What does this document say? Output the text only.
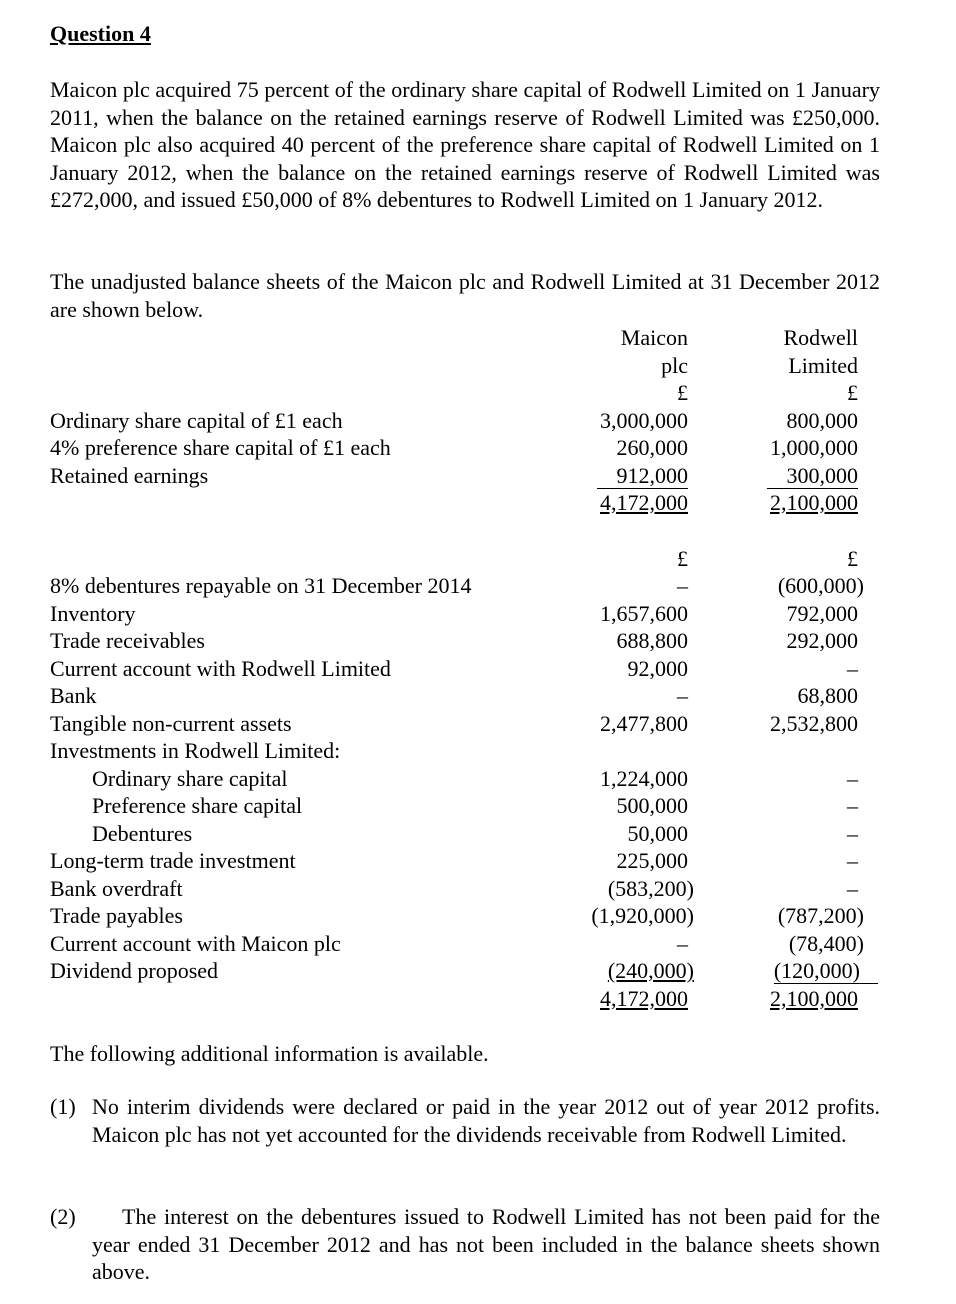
Question 4

Maicon plc acquired 75 percent of the ordinary share capital of Rodwell Limited on 1 January 2011, when the balance on the retained earnings reserve of Rodwell Limited was £250,000. Maicon plc also acquired 40 percent of the preference share capital of Rodwell Limited on 1 January 2012, when the balance on the retained earnings reserve of Rodwell Limited was £272,000, and issued £50,000 of 8% debentures to Rodwell Limited on 1 January 2012.

The unadjusted balance sheets of the Maicon plc and Rodwell Limited at 31 December 2012 are shown below.

Maicon	Rodwell
plc	Limited
£	£
Ordinary share capital of £1 each	3,000,000	800,000
4% preference share capital of £1 each	260,000	1,000,000
Retained earnings	912,000	300,000
4,172,000	2,100,000
£	£
8% debentures repayable on 31 December 2014	–	(600,000)
Inventory	1,657,600	792,000
Trade receivables	688,800	292,000
Current account with Rodwell Limited	92,000	–
Bank	–	68,800
Tangible non-current assets	2,477,800	2,532,800
Investments in Rodwell Limited:
Ordinary share capital	1,224,000	–
Preference share capital	500,000	–
Debentures	50,000	–
Long-term trade investment	225,000	–
Bank overdraft	(583,200)	–
Trade payables	(1,920,000)	(787,200)
Current account with Maicon plc	–	(78,400)
Dividend proposed	(240,000)	(120,000)
4,172,000	2,100,000
The following additional information is available.
(1) No interim dividends were declared or paid in the year 2012 out of year 2012 profits. Maicon plc has not yet accounted for the dividends receivable from Rodwell Limited.
(2)	The interest on the debentures issued to Rodwell Limited has not been paid for the year ended 31 December 2012 and has not been included in the balance sheets shown above.
